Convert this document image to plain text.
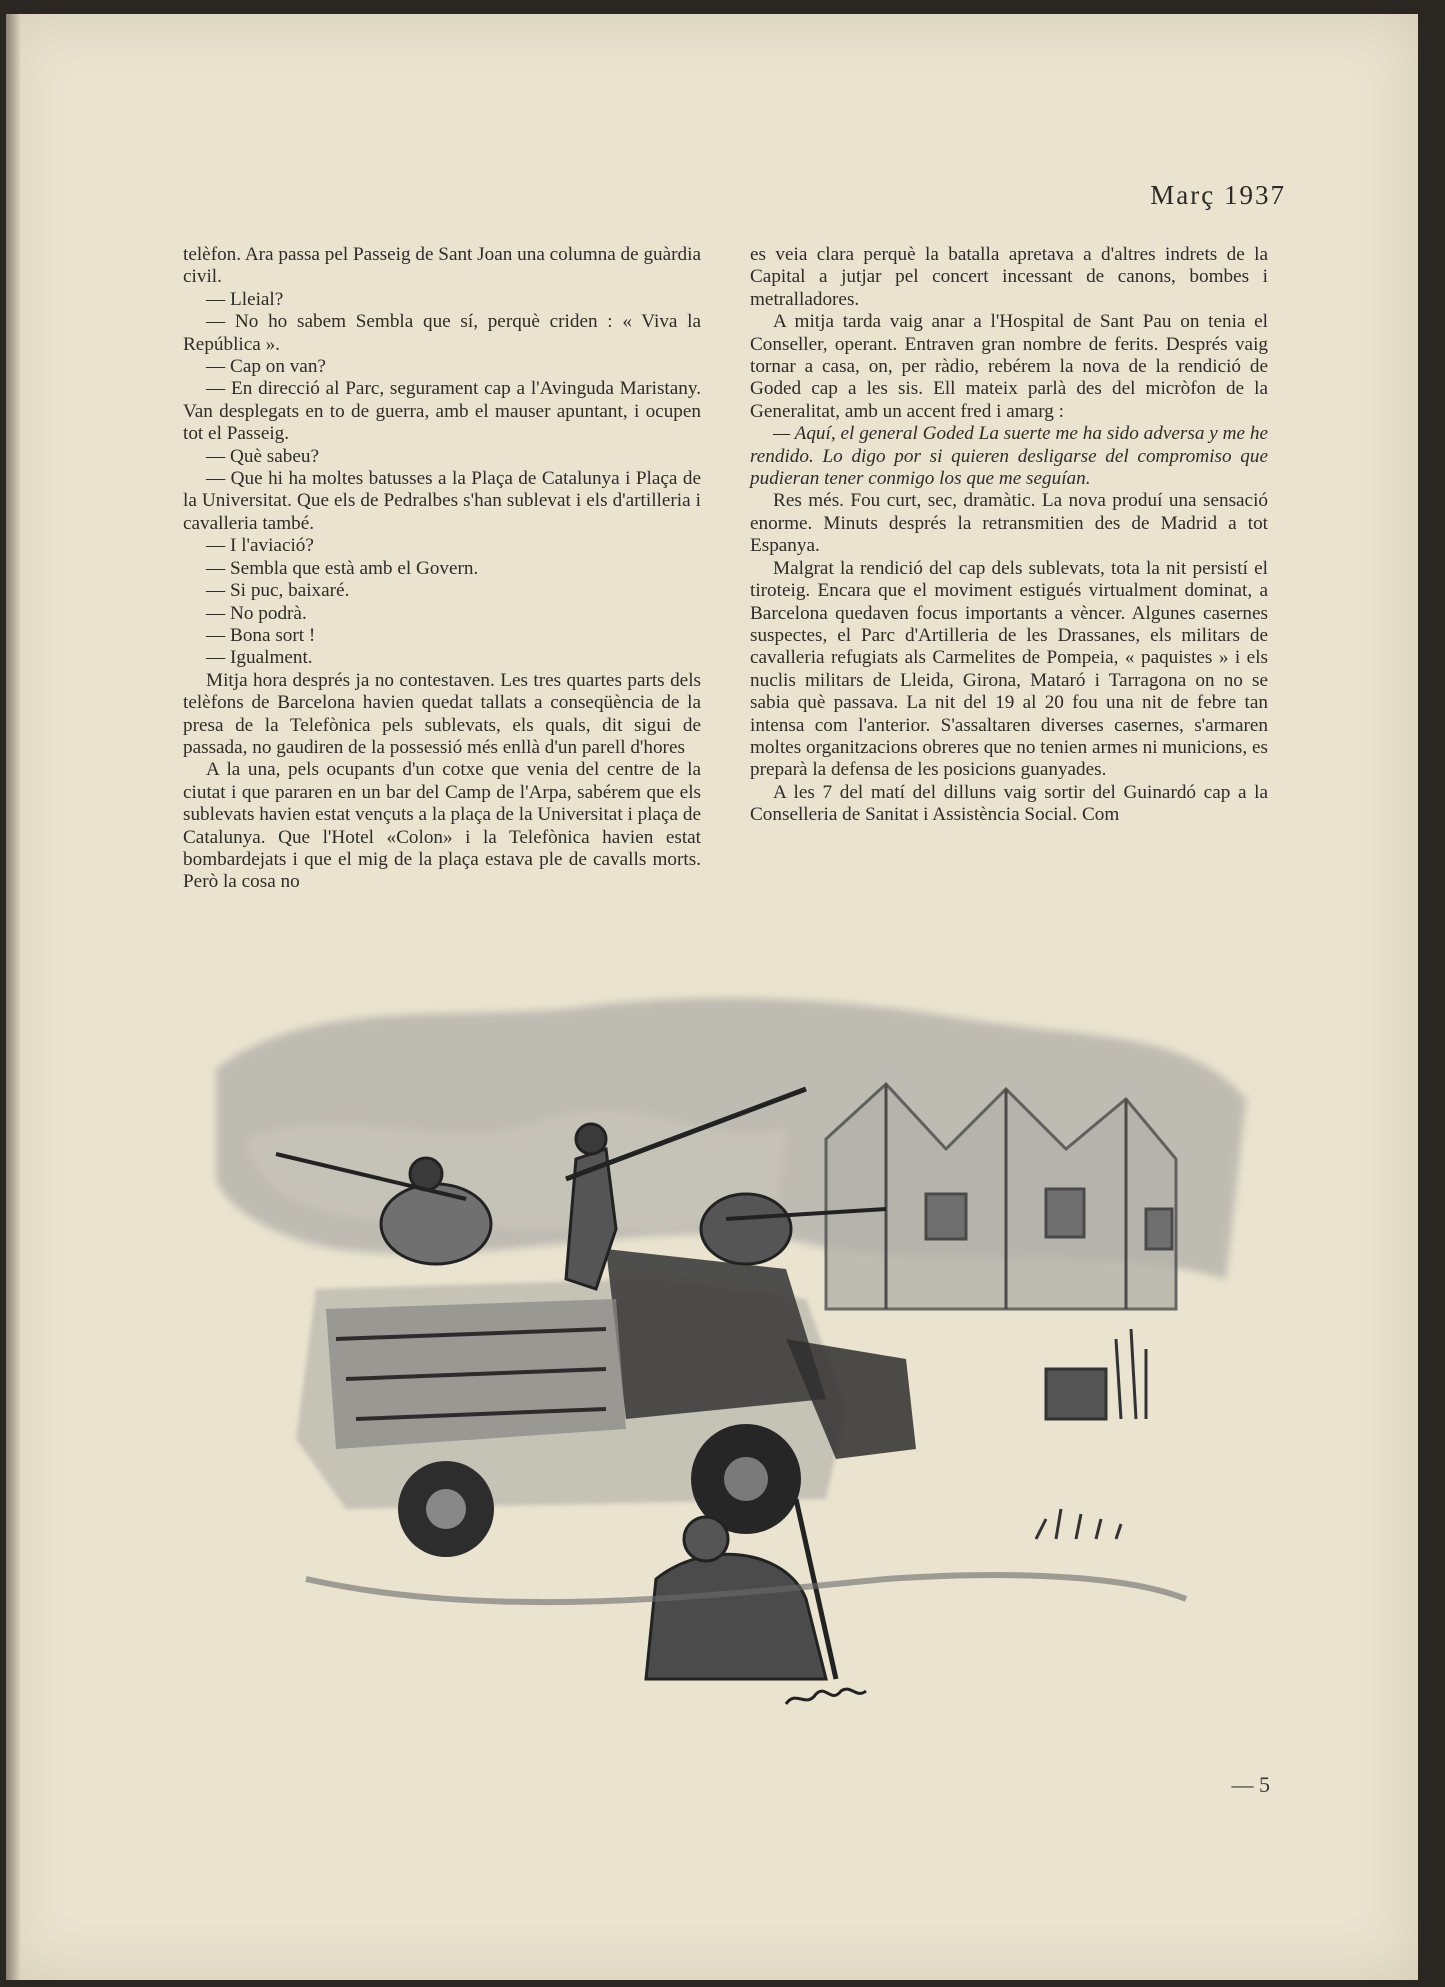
Març 1937

telèfon. Ara passa pel Passeig de Sant Joan una columna de guàrdia civil.

— Lleial?

— No ho sabem Sembla que sí, perquè criden : « Viva la República ».

— Cap on van?

— En direcció al Parc, segurament cap a l'Avinguda Maristany. Van desplegats en to de guerra, amb el mauser apuntant, i ocupen tot el Passeig.

— Què sabeu?

— Que hi ha moltes batusses a la Plaça de Catalunya i Plaça de la Universitat. Que els de Pedralbes s'han sublevat i els d'artilleria i cavalleria també.

— I l'aviació?

— Sembla que està amb el Govern.

— Si puc, baixaré.

— No podrà.

— Bona sort !

— Igualment.

Mitja hora després ja no contestaven. Les tres quartes parts dels telèfons de Barcelona havien quedat tallats a conseqüència de la presa de la Telefònica pels sublevats, els quals, dit sigui de passada, no gaudiren de la possessió més enllà d'un parell d'hores

A la una, pels ocupants d'un cotxe que venia del centre de la ciutat i que pararen en un bar del Camp de l'Arpa, sabérem que els sublevats havien estat vençuts a la plaça de la Universitat i plaça de Catalunya. Que l'Hotel «Colon» i la Telefònica havien estat bombardejats i que el mig de la plaça estava ple de cavalls morts. Però la cosa no

es veia clara perquè la batalla apretava a d'altres indrets de la Capital a jutjar pel concert incessant de canons, bombes i metralladores.

A mitja tarda vaig anar a l'Hospital de Sant Pau on tenia el Conseller, operant. Entraven gran nombre de ferits. Després vaig tornar a casa, on, per ràdio, rebérem la nova de la rendició de Goded cap a les sis. Ell mateix parlà des del micròfon de la Generalitat, amb un accent fred i amarg :

— Aquí, el general Goded La suerte me ha sido adversa y me he rendido. Lo digo por si quieren desligarse del compromiso que pudieran tener conmigo los que me seguían.

Res més. Fou curt, sec, dramàtic. La nova produí una sensació enorme. Minuts després la retransmitien des de Madrid a tot Espanya.

Malgrat la rendició del cap dels sublevats, tota la nit persistí el tiroteig. Encara que el moviment estigués virtualment dominat, a Barcelona quedaven focus importants a vèncer. Algunes casernes suspectes, el Parc d'Artilleria de les Drassanes, els militars de cavalleria refugiats als Carmelites de Pompeia, « paquistes » i els nuclis militars de Lleida, Girona, Mataró i Tarragona on no se sabia què passava. La nit del 19 al 20 fou una nit de febre tan intensa com l'anterior. S'assaltaren diverses casernes, s'armaren moltes organitzacions obreres que no tenien armes ni municions, es preparà la defensa de les posicions guanyades.

A les 7 del matí del dilluns vaig sortir del Guinardó cap a la Conselleria de Sanitat i Assistència Social. Com

— 5
